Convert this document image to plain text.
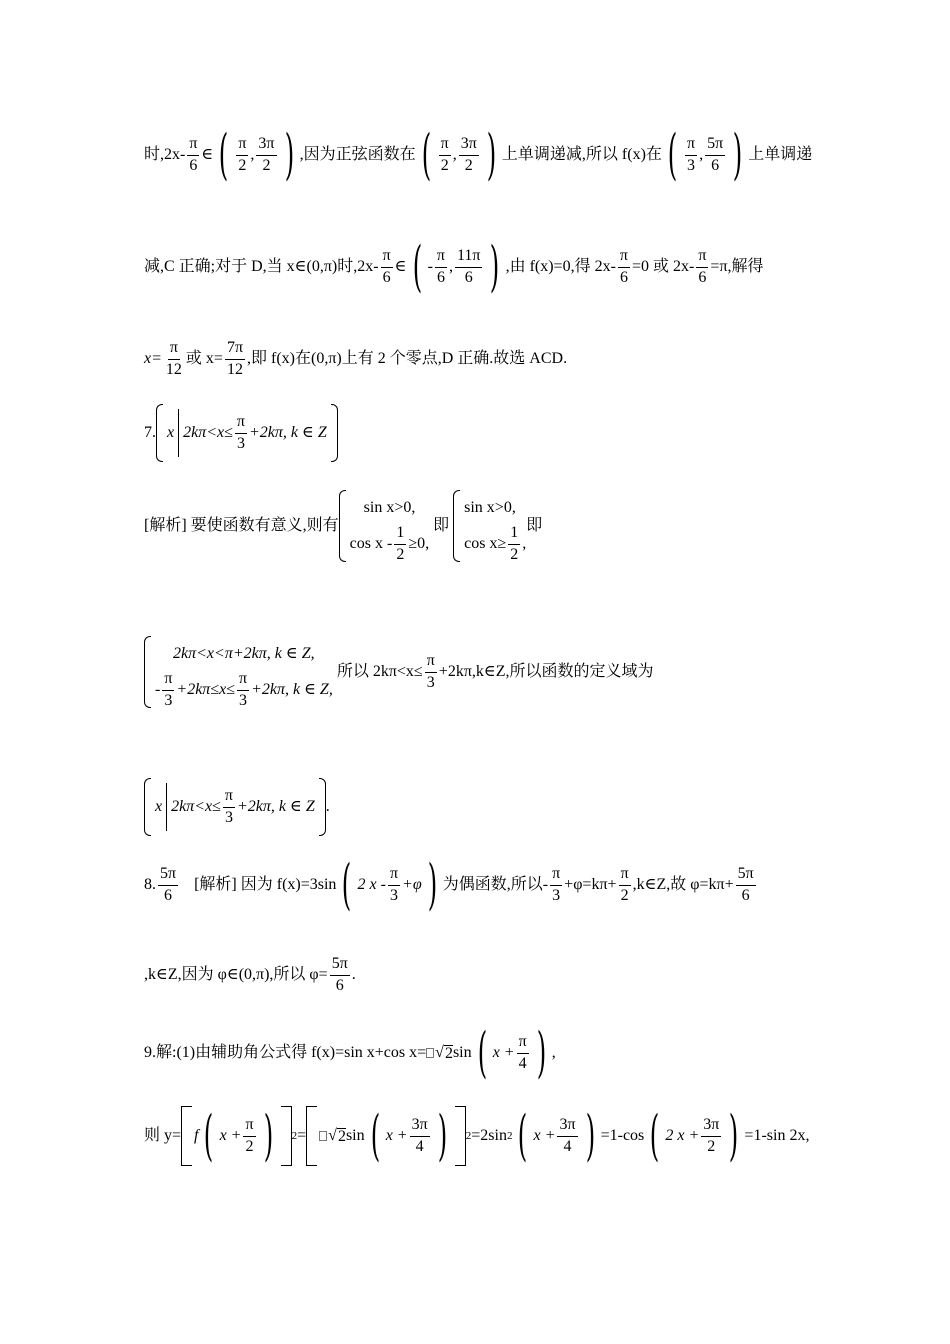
时$,2x- \frac{\pi}{6}$ ∈ ( $\frac{\pi}{2}$ , $\frac{3\pi}{2}$ ) ,因为正弦函数在 ( $\frac{\pi}{2}$ , $\frac{3\pi}{2}$ ) 上单调递减,所以 f(x)在 ( $\frac{\pi}{3}$ , $\frac{5\pi}{6}$ ) 上单调递
减,C 正确;对于 D,当 x∈(0,π)时$,2x- \frac{\pi}{6}$ ∈ ( - $\frac{\pi}{6}$ , $\frac{11\pi}{6}$ ) ,由 f(x)=0,得 $2x- \frac{\pi}{6} =0$ 或 $2x- \frac{\pi}{6} =\pi$,解得
$x= \frac{\pi}{12}$ 或 $x= \frac{7\pi}{12}$ ,即 f(x)在(0,π)上有 2 个零点,D 正确.故选 ACD.
7. x $2k\pi<x\le \frac{\pi}{3} +2k\pi$, k ∈ Z
[解析] 要使函数有意义,则有
sin x>0,
$\cos x - \frac{1}{2} \ge 0$,
即
sin x>0,
$\cos x\ge \frac{1}{2}$ ,
即
2kπ<x<π+2kπ, k ∈ Z,
- $\frac{\pi}{3} +2k\pi\le x\le \frac{\pi}{3} +2k\pi$, k ∈ Z,
所以 $2k\pi<x\le \frac{\pi}{3}$ +2kπ,k∈Z,所以函数的定义域为
x $2k\pi<x\le \frac{\pi}{3} +2k\pi$, k ∈ Z .
8. $\frac{5\pi}{6}$ [解析] 因为 f(x)=3sin ( 2 $x - \frac{\pi}{3} +\varphi$ ) 为偶函数,所以- $\frac{\pi}{3} +\varphi=k\pi+ \frac{\pi}{2}$ ,k∈Z,故 $\varphi=k\pi+ \frac{5\pi}{6}$
,k∈Z,因为 φ∈(0,π),所以 $\varphi= \frac{5\pi}{6}$ .
9.解:(1)由辅助角公式得 f(x)=sin x+cos x= √ 2 sin ( $x + \frac{\pi}{4}$ ) ,
则 y= f ( $x + \frac{\pi}{2}$ ) 2 = √ 2 sin ( $x + \frac{3\pi}{4}$ ) 2 =2sin 2 ( $x + \frac{3\pi}{4}$ ) =1-cos ( 2 $x + \frac{3\pi}{2}$ ) =1-sin 2x,
